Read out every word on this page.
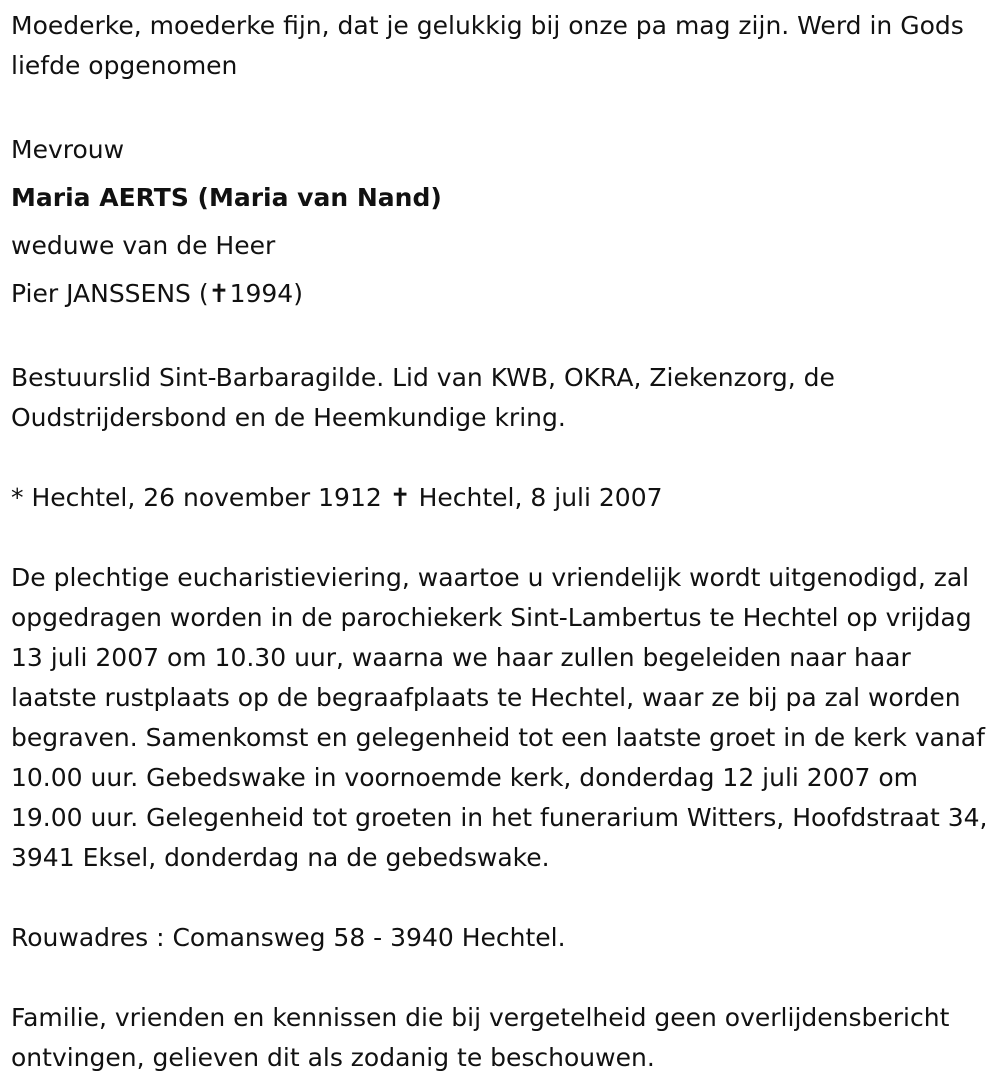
Moederke, moederke fijn, dat je gelukkig bij onze pa mag zijn. Werd in Gods liefde opgenomen

Mevrouw

Maria AERTS (Maria van Nand)

weduwe van de Heer

Pier JANSSENS (✝1994)

Bestuurslid Sint-Barbaragilde. Lid van KWB, OKRA, Ziekenzorg, de Oudstrijdersbond en de Heemkundige kring.

* Hechtel, 26 november 1912 ✝ Hechtel, 8 juli 2007

De plechtige eucharistieviering, waartoe u vriendelijk wordt uitgenodigd, zal opgedragen worden in de parochiekerk Sint-Lambertus te Hechtel op vrijdag 13 juli 2007 om 10.30 uur, waarna we haar zullen begeleiden naar haar laatste rustplaats op de begraafplaats te Hechtel, waar ze bij pa zal worden begraven. Samenkomst en gelegenheid tot een laatste groet in de kerk vanaf 10.00 uur. Gebedswake in voornoemde kerk, donderdag 12 juli 2007 om 19.00 uur. Gelegenheid tot groeten in het funerarium Witters, Hoofdstraat 34, 3941 Eksel, donderdag na de gebedswake.

Rouwadres : Comansweg 58 - 3940 Hechtel.

Familie, vrienden en kennissen die bij vergetelheid geen overlijdensbericht ontvingen, gelieven dit als zodanig te beschouwen.
